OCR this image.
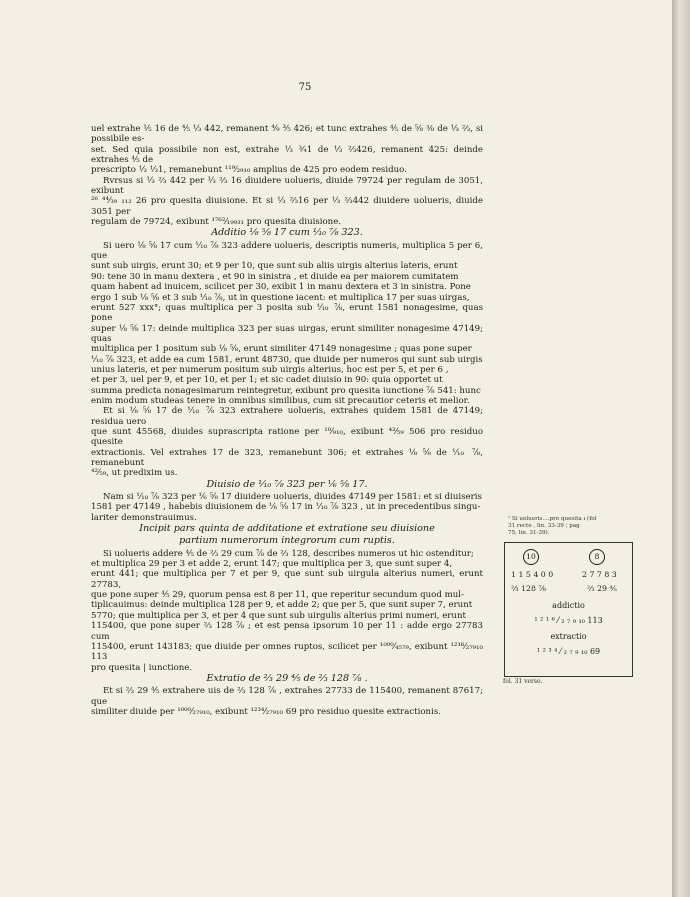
75

uel extrahe ⅕ 16 de ⁴⁄₅ ⅓ 442, remanent ⁴⁄₉ ³⁄₅ 426; et tunc extrahes ⅘ de ⅝ ⅜ de ⅓ ⅔, si possibile es-

set. Sed quia possibile non est, extrahe ⅓ ¾1 de ⅓ ⅔426, remanent 425: deinde extrahes ⅘ de

prescripto ⅓ ⅓1, remanebunt ¹¹⁹⁄₂₉₁₀ amplius de 425 pro eodem residuo.

Rvrsus si ⅓ ⅔ 442 per ⅓ ⅔ 16 diuidere uolueris, diuide 79724 per regulam de 3051, exibunt

²⁶ ⁴⁴⁄₃₉ ₁₁₂ 26 pro quesita diuisione. Et si ⅓ ⅔16 per ⅓ ⅔442 diuidere uolueris, diuide 3051 per

regulam de 79724, exibunt ¹⁷⁶²⁄₁₉₉₃₁ pro quesita diuisione.

Additio ⅛ ⅝ 17 cum ⅒ ⅞ 323.

Si uero ⅛ ⅝ 17 cum ⅒ ⅞ 323 addere uolueris, descriptis numeris, multiplica 5 per 6, que

sunt sub uirgis, erunt 30; et 9 per 10, que sunt sub aliis uirgis alterius lateris, erunt

90: tene 30 in manu dextera , et 90 in sinistra , et diuide ea per maiorem cumitatem

quam habent ad inuicem, scilicet per 30, exibit 1 in manu dextera et 3 in sinistra. Pone

ergo 1 sub ⅛ ⅝ et 3 sub ⅒ ⅞, ut in questione iacent: et multiplica 17 per suas uirgas,

erunt 527 xxx°; quas multiplica per 3 posita sub ⅒ ⅞, erunt 1581 nonagesime, quas pone

super ⅛ ⅝ 17: deinde multiplica 323 per suas uirgas, erunt similiter nonagesime 47149; quas

multiplica per 1 positum sub ⅛ ⅝, erunt similiter 47149 nonagesime ; quas pone super

⅒ ⅞ 323, et adde ea cum 1581, erunt 48730, que diuide per numeros qui sunt sub uirgis

unius lateris, et per numerum positum sub uirgis alterius, hoc est per 5, et per 6 ,

et per 3, uel per 9, et per 10, et per 1; et sic cadet diuisio in 90: quia opportet ut

summa predicta nonagesimarum reintegretur, exibunt pro quesita iunctione ⅞ 541: hunc

enim modum studeas tenere in omnibus similibus, cum sit precautior ceteris et melior.

Et si ⅛ ⅝ 17 de ⅒ ⅞ 323 extrahere uolueris, extrahes quidem 1581 de 47149; residua uero

que sunt 45568, diuides suprascripta ratione per ¹⁰⁄₉₁₀, exibunt ⁴²⁄₅₉ 506 pro residuo quesite

extractionis. Vel extrahes 17 de 323, remanebunt 306; et extrahes ⅛ ⅝ de ⅒ ⅞, remanebunt

⁴²⁄₅₉, ut predixim us.

Diuisio de ⅒ ⅞ 323 per ⅙ ⅝ 17.

Nam si ⅒ ⅞ 323 per ⅙ ⅝ 17 diuidere uolueris, diuides 47149 per 1581: et si diuiseris

1581 per 47149 , habebis diuisionem de ⅙ ⅝ 17 in ⅒ ⅞ 323 , ut in precedentibus singu-

lariter demonstrauimus.

Incipit pars quinta de additatione et extratione seu diuisione

partium numerorum integrorum cum ruptis.

Si uolueris addere ⅘ de ⅔ 29 cum ⅞ de ⅔ 128, describes numeros ut hic ostenditur;

et multiplica 29 per 3 et adde 2, erunt 147; que multiplica per 3, que sunt super 4,

erunt 441; que multiplica per 7 et per 9, que sunt sub uirgula alterius numeri, erunt 27783,

que pone super ⅘ 29, quorum pensa est 8 per 11, que reperitur secundum quod mul-

tiplicauimus: deinde multiplica 128 per 9, et adde 2; que per 5, que sunt super 7, erunt

5770; que multiplica per 3, et per 4 que sunt sub uirgulis alterius primi numeri, erunt

115400, que pone super ⅔ 128 ⅞ ; et est pensa ipsorum 10 per 11 : adde ergo 27783 cum

115400, erunt 143183; que diuide per omnes ruptos, scilicet per ¹⁰⁰⁰⁄₄₅₇₉, exibunt ¹²¹⁶⁄₂₇₉₁₀ 113

pro quesita | iunctione.

Extratio de ⅔ 29 ⅘ de ⅔ 128 ⅞ .

Et si ⅔ 29 ⅘ extrahere uis de ⅔ 128 ⅞ , extrahes 27733 de 115400, remanent 87617; que

similiter diuide per ¹⁰⁰⁰⁄₂₇₉₁₀, exibunt ¹²³⁴⁄₂₇₉₁₀ 69 pro residuo quesite extractionis.

¹ Si uolueris....pro quesita ı (fol
31 recto , lin. 33-39 ; pag
75, lin. 31-39).
10	8
1 1 5 4 0 0	2 7 7 8 3
⅔ 128 ⅞	⅔ 29 ⅘
addictio
¹ ² ¹ ⁶ ⁄ ₂ ₇ ₉ ₁₀ 113
extractio
¹ ² ³ ⁴ ⁄ ₂ ₇ ₉ ₁₀ 69
fol. 31 verso.
